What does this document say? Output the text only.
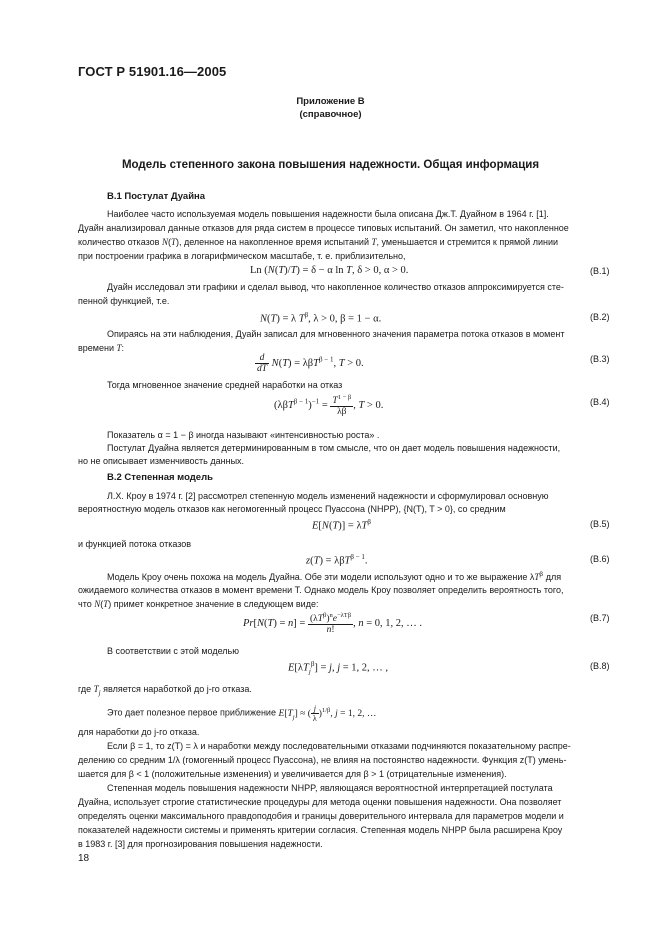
ГОСТ Р 51901.16—2005
Приложение В
(справочное)
Модель степенного закона повышения надежности. Общая информация
В.1 Постулат Дуайна
Наиболее часто используемая модель повышения надежности была описана Дж.Т. Дуайном в 1964 г. [1].
Дуайн анализировал данные отказов для ряда систем в процессе типовых испытаний. Он заметил, что накопленное
количество отказов N(T), деленное на накопленное время испытаний T, уменьшается и стремится к прямой линии
при построении графика в логарифмическом масштабе, т. е. приблизительно,
Ln (N(T)/T) = δ − α ln T, δ > 0, α > 0.	(В.1)
Дуайн исследовал эти графики и сделал вывод, что накопленное количество отказов аппроксимируется сте-
пенной функцией, т.е.
N(T) = λ $T^\beta$, λ > 0, β = 1 − α.	(В.2)
Опираясь на эти наблюдения, Дуайн записал для мгновенного значения параметра потока отказов в момент
времени T:
$\frac{d}{dT} N(T) = \lambda\beta T^{\beta - 1}$, T > 0.	(В.3)
Тогда мгновенное значение средней наработки на отказ
$(\lambda\beta T^{\beta - 1})^{-1} = \frac{T^{1 - \beta}}{\lambda\beta}$ , T > 0.	(В.4)
Показатель α = 1 − β иногда называют «интенсивностью роста» .
Постулат Дуайна является детерминированным в том смысле, что он дает модель повышения надежности,
но не описывает изменчивость данных.
В.2 Степенная модель
Л.Х. Кроу в 1974 г. [2] рассмотрел степенную модель изменений надежности и сформулировал основную
вероятностную модель отказов как негомогенный процесс Пуассона (NHPP), {N(T), T > 0}, со средним
$E[N(T)] = \lambda T^\beta$	(В.5)
и функцией потока отказов
z(T) = λβT$^{\beta - 1}$.	(В.6)
Модель Кроу очень похожа на модель Дуайна. Обе эти модели используют одно и то же выражение $\lambda T^\beta$ для
ожидаемого количества отказов в момент времени T. Однако модель Кроу позволяет определить вероятность того,
что N(T) примет конкретное значение в следующем виде:
$Pr[N(T) = n] = \frac{(\lambda T^\beta)^ne^{-\lambda T\beta}}{n!}$ , n = 0, 1, 2, … .	(В.7)
В соответствии с этой моделью
$E[\lambda T_j^\beta] = j$, j = 1, 2, … ,	(В.8)
где $T_j$ является наработкой до j-го отказа.
Это дает полезное первое приближение $E[T_j]$ ≈ ( $\frac{j}{\lambda} )^{1/\beta}$, j = 1, 2, …
для наработки до j-го отказа.
Если β = 1, то z(T) = λ и наработки между последовательными отказами подчиняются показательному распре-
делению со средним 1/λ (гомогенный процесс Пуассона), не влияя на постоянство надежности. Функция z(T) умень-
шается для β < 1 (положительные изменения) и увеличивается для β > 1 (отрицательные изменения).
Степенная модель повышения надежности NHPP, являющаяся вероятностной интерпретацией постулата
Дуайна, использует строгие статистические процедуры для метода оценки повышения надежности. Она позволяет
определять оценки максимального правдоподобия и границы доверительного интервала для параметров модели и
показателей надежности системы и применять критерии согласия. Степенная модель NHPP была расширена Кроу
в 1983 г. [3] для прогнозирования повышения надежности.
18
